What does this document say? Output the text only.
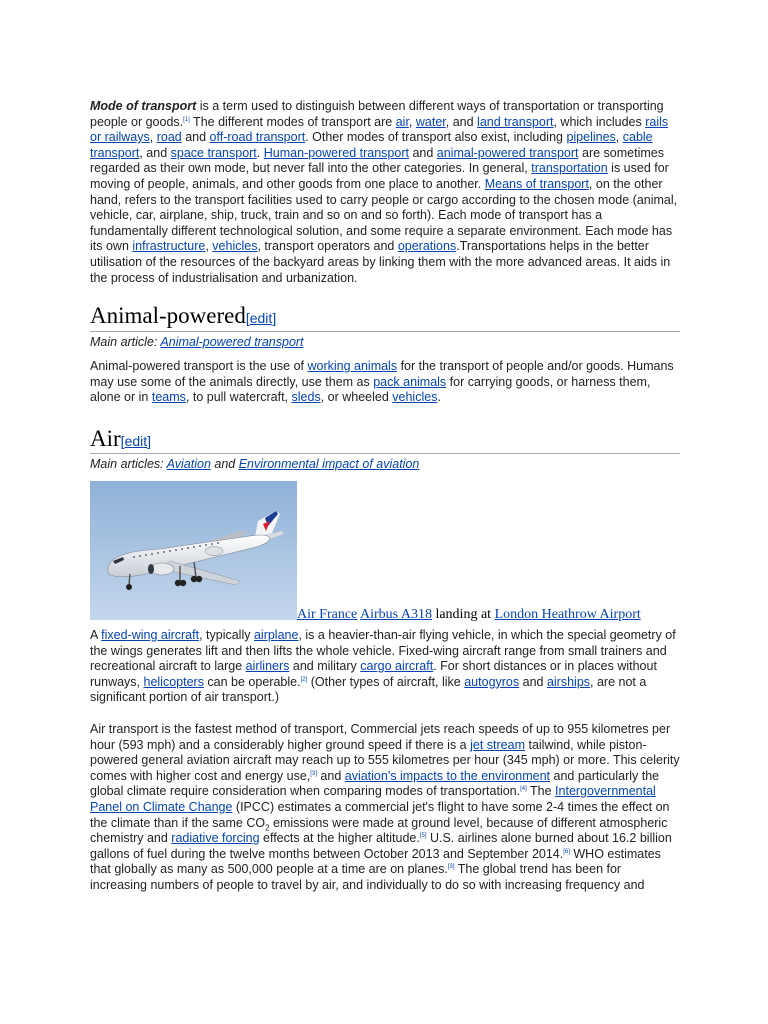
Mode of transport is a term used to distinguish between different ways of transportation or transporting people or goods.[1] The different modes of transport are air, water, and land transport, which includes rails or railways, road and off-road transport. Other modes of transport also exist, including pipelines, cable transport, and space transport. Human-powered transport and animal-powered transport are sometimes regarded as their own mode, but never fall into the other categories. In general, transportation is used for moving of people, animals, and other goods from one place to another. Means of transport, on the other hand, refers to the transport facilities used to carry people or cargo according to the chosen mode (animal, vehicle, car, airplane, ship, truck, train and so on and so forth). Each mode of transport has a fundamentally different technological solution, and some require a separate environment. Each mode has its own infrastructure, vehicles, transport operators and operations.Transportations helps in the better utilisation of the resources of the backyard areas by linking them with the more advanced areas. It aids in the process of industrialisation and urbanization.

Animal-powered[edit]

Main article: Animal-powered transport

Animal-powered transport is the use of working animals for the transport of people and/or goods. Humans may use some of the animals directly, use them as pack animals for carrying goods, or harness them, alone or in teams, to pull watercraft, sleds, or wheeled vehicles.

Air[edit]

Main articles: Aviation and Environmental impact of aviation

Air France Airbus A318 landing at London Heathrow Airport

A fixed-wing aircraft, typically airplane, is a heavier-than-air flying vehicle, in which the special geometry of the wings generates lift and then lifts the whole vehicle. Fixed-wing aircraft range from small trainers and recreational aircraft to large airliners and military cargo aircraft. For short distances or in places without runways, helicopters can be operable.[2] (Other types of aircraft, like autogyros and airships, are not a significant portion of air transport.)

Air transport is the fastest method of transport, Commercial jets reach speeds of up to 955 kilometres per hour (593 mph) and a considerably higher ground speed if there is a jet stream tailwind, while piston-powered general aviation aircraft may reach up to 555 kilometres per hour (345 mph) or more. This celerity comes with higher cost and energy use,[3] and aviation's impacts to the environment and particularly the global climate require consideration when comparing modes of transportation.[4] The Intergovernmental Panel on Climate Change (IPCC) estimates a commercial jet's flight to have some 2-4 times the effect on the climate than if the same $CO_2$ emissions were made at ground level, because of different atmospheric chemistry and radiative forcing effects at the higher altitude.[5] U.S. airlines alone burned about 16.2 billion gallons of fuel during the twelve months between October 2013 and September 2014.[6] WHO estimates that globally as many as 500,000 people at a time are on planes.[3] The global trend has been for increasing numbers of people to travel by air, and individually to do so with increasing frequency and
